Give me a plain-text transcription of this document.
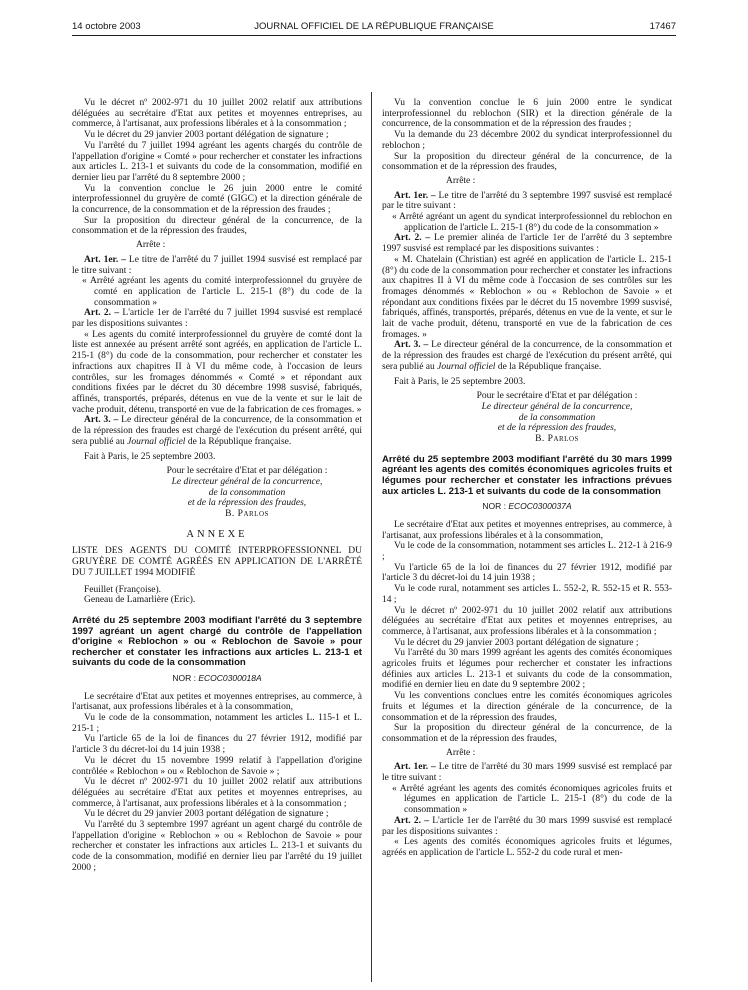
14 octobre 2003	JOURNAL OFFICIEL DE LA RÉPUBLIQUE FRANÇAISE	17467

Vu le décret nº 2002-971 du 10 juillet 2002 relatif aux attributions déléguées au secrétaire d'Etat aux petites et moyennes entreprises, au commerce, à l'artisanat, aux professions libérales et à la consommation ;

Vu le décret du 29 janvier 2003 portant délégation de signature ;

Vu l'arrêté du 7 juillet 1994 agréant les agents chargés du contrôle de l'appellation d'origine « Comté » pour rechercher et constater les infractions aux articles L. 213-1 et suivants du code de la consommation, modifié en dernier lieu par l'arrêté du 8 septembre 2000 ;

Vu la convention conclue le 26 juin 2000 entre le comité interprofessionnel du gruyère de comté (GIGC) et la direction générale de la concurrence, de la consommation et de la répression des fraudes ;

Sur la proposition du directeur général de la concurrence, de la consommation et de la répression des fraudes,

Arrête :

Art. 1er. – Le titre de l'arrêté du 7 juillet 1994 susvisé est remplacé par le titre suivant :

« Arrêté agréant les agents du comité interprofessionnel du gruyère de comté en application de l'article L. 215-1 (8°) du code de la consommation »

Art. 2. – L'article 1er de l'arrêté du 7 juillet 1994 susvisé est remplacé par les dispositions suivantes :

« Les agents du comité interprofessionnel du gruyère de comté dont la liste est annexée au présent arrêté sont agréés, en application de l'article L. 215-1 (8°) du code de la consommation, pour rechercher et constater les infractions aux chapitres II à VI du même code, à l'occasion de leurs contrôles, sur les fromages dénommés « Comté » et répondant aux conditions fixées par le décret du 30 décembre 1998 susvisé, fabriqués, affinés, transportés, préparés, détenus en vue de la vente et sur le lait de vache produit, détenu, transporté en vue de la fabrication de ces fromages. »

Art. 3. – Le directeur général de la concurrence, de la consommation et de la répression des fraudes est chargé de l'exécution du présent arrêté, qui sera publié au Journal officiel de la République française.

Fait à Paris, le 25 septembre 2003.

Pour le secrétaire d'Etat et par délégation :

Le directeur général de la concurrence,

de la consommation

et de la répression des fraudes,

B. Parlos

ANNEXE

LISTE DES AGENTS DU COMITÉ INTERPROFESSIONNEL DU GRUYÈRE DE COMTÉ AGRÉÉS EN APPLICATION DE L'ARRÊTÉ DU 7 JUILLET 1994 MODIFIÉ

Feuillet (Françoise).

Geneau de Lamarlière (Eric).

Arrêté du 25 septembre 2003 modifiant l'arrêté du 3 septembre 1997 agréant un agent chargé du contrôle de l'appellation d'origine « Reblochon » ou « Reblochon de Savoie » pour rechercher et constater les infractions aux articles L. 213-1 et suivants du code de la consommation

NOR : ECOC0300018A

Le secrétaire d'Etat aux petites et moyennes entreprises, au commerce, à l'artisanat, aux professions libérales et à la consommation,

Vu le code de la consommation, notamment les articles L. 115-1 et L. 215-1 ;

Vu l'article 65 de la loi de finances du 27 février 1912, modifié par l'article 3 du décret-loi du 14 juin 1938 ;

Vu le décret du 15 novembre 1999 relatif à l'appellation d'origine contrôlée « Reblochon » ou « Reblochon de Savoie » ;

Vu le décret nº 2002-971 du 10 juillet 2002 relatif aux attributions déléguées au secrétaire d'Etat aux petites et moyennes entreprises, au commerce, à l'artisanat, aux professions libérales et à la consommation ;

Vu le décret du 29 janvier 2003 portant délégation de signature ;

Vu l'arrêté du 3 septembre 1997 agréant un agent chargé du contrôle de l'appellation d'origine « Reblochon » ou « Reblochon de Savoie » pour rechercher et constater les infractions aux articles L. 213-1 et suivants du code de la consommation, modifié en dernier lieu par l'arrêté du 19 juillet 2000 ;

Vu la convention conclue le 6 juin 2000 entre le syndicat interprofessionnel du reblochon (SIR) et la direction générale de la concurrence, de la consommation et de la répression des fraudes ;

Vu la demande du 23 décembre 2002 du syndicat interprofessionnel du reblochon ;

Sur la proposition du directeur général de la concurrence, de la consommation et de la répression des fraudes,

Arrête :

Art. 1er. – Le titre de l'arrêté du 3 septembre 1997 susvisé est remplacé par le titre suivant :

« Arrêté agréant un agent du syndicat interprofessionnel du reblochon en application de l'article L. 215-1 (8°) du code de la consommation »

Art. 2. – Le premier alinéa de l'article 1er de l'arrêté du 3 septembre 1997 susvisé est remplacé par les dispositions suivantes :

« M. Chatelain (Christian) est agréé en application de l'article L. 215-1 (8°) du code de la consommation pour rechercher et constater les infractions aux chapitres II à VI du même code à l'occasion de ses contrôles sur les fromages dénommés « Reblochon » ou « Reblochon de Savoie » et répondant aux conditions fixées par le décret du 15 novembre 1999 susvisé, fabriqués, affinés, transportés, préparés, détenus en vue de la vente, et sur le lait de vache produit, détenu, transporté en vue de la fabrication de ces fromages. »

Art. 3. – Le directeur général de la concurrence, de la consommation et de la répression des fraudes est chargé de l'exécution du présent arrêté, qui sera publié au Journal officiel de la République française.

Fait à Paris, le 25 septembre 2003.

Pour le secrétaire d'Etat et par délégation :

Le directeur général de la concurrence,

de la consommation

et de la répression des fraudes,

B. Parlos

Arrêté du 25 septembre 2003 modifiant l'arrêté du 30 mars 1999 agréant les agents des comités économiques agricoles fruits et légumes pour rechercher et constater les infractions prévues aux articles L. 213-1 et suivants du code de la consommation

NOR : ECOC0300037A

Le secrétaire d'Etat aux petites et moyennes entreprises, au commerce, à l'artisanat, aux professions libérales et à la consommation,

Vu le code de la consommation, notamment ses articles L. 212-1 à 216-9 ;

Vu l'article 65 de la loi de finances du 27 février 1912, modifié par l'article 3 du décret-loi du 14 juin 1938 ;

Vu le code rural, notamment ses articles L. 552-2, R. 552-15 et R. 553-14 ;

Vu le décret nº 2002-971 du 10 juillet 2002 relatif aux attributions déléguées au secrétaire d'Etat aux petites et moyennes entreprises, au commerce, à l'artisanat, aux professions libérales et à la consommation ;

Vu le décret du 29 janvier 2003 portant délégation de signature ;

Vu l'arrêté du 30 mars 1999 agréant les agents des comités économiques agricoles fruits et légumes pour rechercher et constater les infractions définies aux articles L. 213-1 et suivants du code de la consommation, modifié en dernier lieu en date du 9 septembre 2002 ;

Vu les conventions conclues entre les comités économiques agricoles fruits et légumes et la direction générale de la concurrence, de la consommation et de la répression des fraudes,

Sur la proposition du directeur général de la concurrence, de la consommation et de la répression des fraudes,

Arrête :

Art. 1er. – Le titre de l'arrêté du 30 mars 1999 susvisé est remplacé par le titre suivant :

« Arrêté agréant les agents des comités économiques agricoles fruits et légumes en application de l'article L. 215-1 (8°) du code de la consommation »

Art. 2. – L'article 1er de l'arrêté du 30 mars 1999 susvisé est remplacé par les dispositions suivantes :

« Les agents des comités économiques agricoles fruits et légumes, agréés en application de l'article L. 552-2 du code rural et men-
